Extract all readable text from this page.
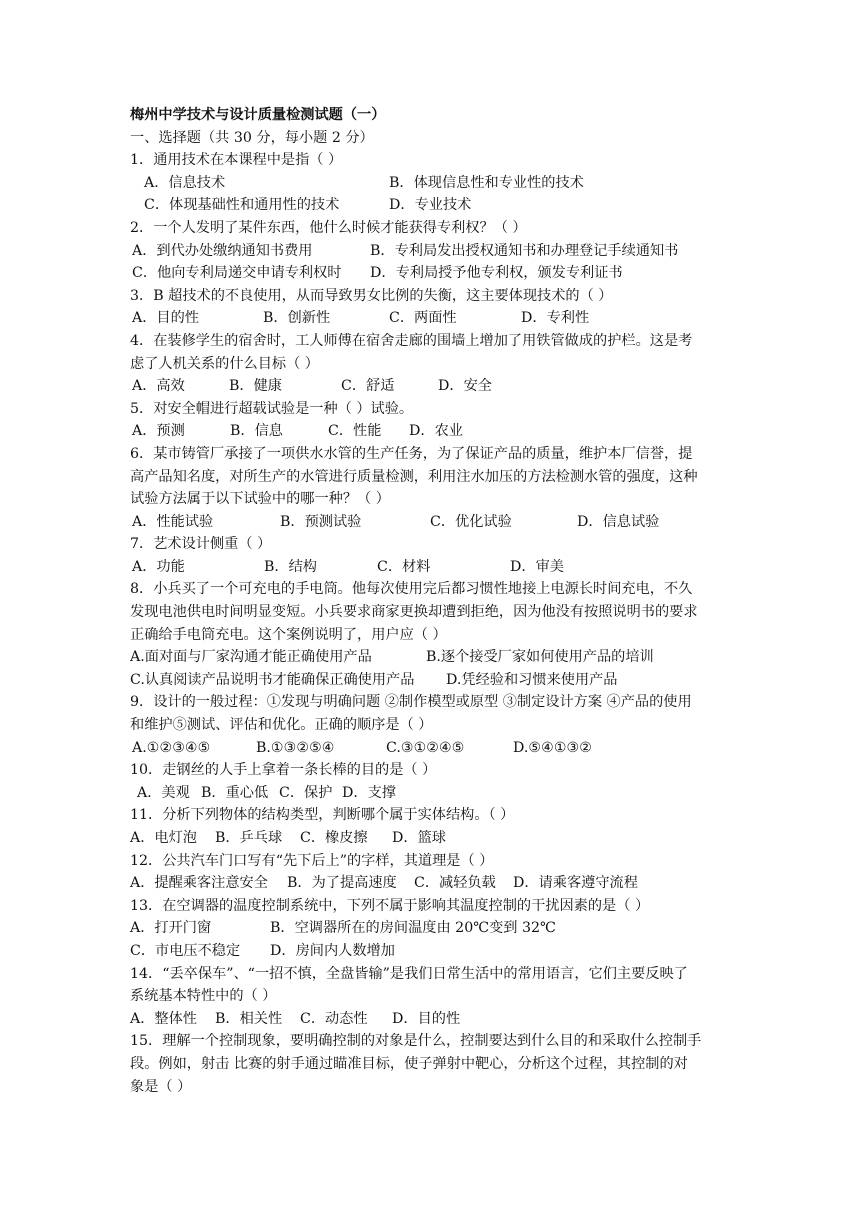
梅州中学技术与设计质量检测试题（一）
一、选择题（共 30 分，每小题 2 分）
1．通用技术在本课程中是指（ ）
A．信息技术	B．体现信息性和专业性的技术
C．体现基础性和通用性的技术	D．专业技术
2．一个人发明了某件东西，他什么时候才能获得专利权？（ ）
A．到代办处缴纳通知书费用	B．专利局发出授权通知书和办理登记手续通知书
C．他向专利局递交申请专利权时	D．专利局授予他专利权，颁发专利证书
3．B 超技术的不良使用，从而导致男女比例的失衡，这主要体现技术的（ ）
A．目的性	B．创新性	C．两面性	D．专利性
4．在装修学生的宿舍时，工人师傅在宿舍走廊的围墙上增加了用铁管做成的护栏。这是考
虑了人机关系的什么目标（ ）
A．高效	B．健康	C．舒适	D．安全
5．对安全帽进行超载试验是一种（ ）试验。
A．预测	B．信息	C．性能	D．农业
6．某市铸管厂承接了一项供水水管的生产任务，为了保证产品的质量，维护本厂信誉，提
高产品知名度，对所生产的水管进行质量检测，利用注水加压的方法检测水管的强度，这种
试验方法属于以下试验中的哪一种？（ ）
A．性能试验	B．预测试验	C．优化试验	D．信息试验
7．艺术设计侧重（ ）
A．功能	B．结构	C．材料	D．审美
8．小兵买了一个可充电的手电筒。他每次使用完后都习惯性地接上电源长时间充电，不久
发现电池供电时间明显变短。小兵要求商家更换却遭到拒绝，因为他没有按照说明书的要求
正确给手电筒充电。这个案例说明了，用户应（ ）
A.面对面与厂家沟通才能正确使用产品	B.逐个接受厂家如何使用产品的培训
C.认真阅读产品说明书才能确保正确使用产品	D.凭经验和习惯来使用产品
9．设计的一般过程：①发现与明确问题 ②制作模型或原型 ③制定设计方案 ④产品的使用
和维护⑤测试、评估和优化。正确的顺序是（ ）
A.①②③④⑤	B.①③②⑤④	C.③①②④⑤	D.⑤④①③②
10．走钢丝的人手上拿着一条长棒的目的是（ ）
A．美观 B．重心低 C．保护 D．支撑
11．分析下列物体的结构类型，判断哪个属于实体结构。（ ）
A．电灯泡	B．乒乓球	C．橡皮擦	D．篮球
12．公共汽车门口写有“先下后上”的字样，其道理是（ ）
A．提醒乘客注意安全	B．为了提高速度	C．减轻负载	D．请乘客遵守流程
13．在空调器的温度控制系统中，下列不属于影响其温度控制的干扰因素的是（ ）
A．打开门窗	B．空调器所在的房间温度由 20℃变到 32℃
C．市电压不稳定	D．房间内人数增加
14．“丢卒保车”、“一招不慎，全盘皆输”是我们日常生活中的常用语言，它们主要反映了
系统基本特性中的（ ）
A．整体性	B．相关性	C．动态性	D．目的性
15．理解一个控制现象，要明确控制的对象是什么，控制要达到什么目的和采取什么控制手
段。例如，射击 比赛的射手通过瞄准目标，使子弹射中靶心，分析这个过程，其控制的对
象是（ ）
